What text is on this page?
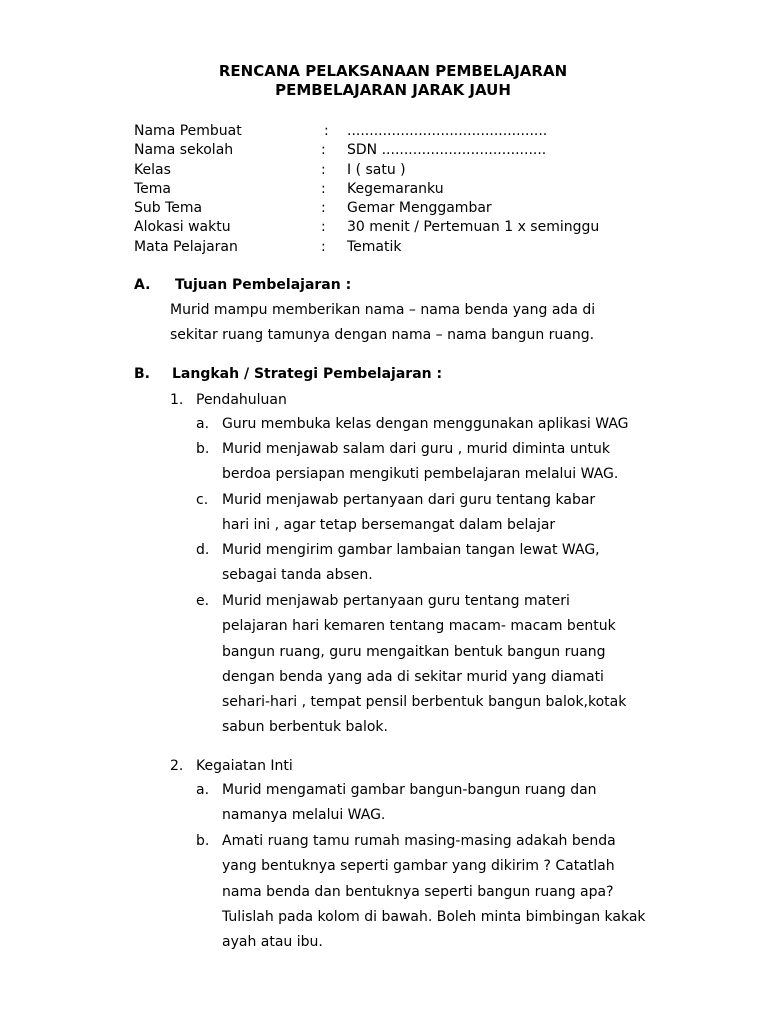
RENCANA PELAKSANAAN PEMBELAJARAN
PEMBELAJARAN JARAK JAUH
Nama Pembuat	: .............................................
Nama sekolah	: SDN .....................................
Kelas	: I ( satu )
Tema	: Kegemaranku
Sub Tema	: Gemar Menggambar
Alokasi waktu	: 30 menit / Pertemuan 1 x seminggu
Mata Pelajaran	: Tematik
A. Tujuan Pembelajaran :
Murid mampu memberikan nama – nama benda yang ada di
sekitar ruang tamunya dengan nama – nama bangun ruang.
B. Langkah / Strategi Pembelajaran :
1. Pendahuluan
a. Guru membuka kelas dengan menggunakan aplikasi WAG
b. Murid menjawab salam dari guru , murid diminta untuk
berdoa persiapan mengikuti pembelajaran melalui WAG.
c. Murid menjawab pertanyaan dari guru tentang kabar
hari ini , agar tetap bersemangat dalam belajar
d. Murid mengirim gambar lambaian tangan lewat WAG,
sebagai tanda absen.
e. Murid menjawab pertanyaan guru tentang materi
pelajaran hari kemaren tentang macam- macam bentuk
bangun ruang, guru mengaitkan bentuk bangun ruang
dengan benda yang ada di sekitar murid yang diamati
sehari-hari , tempat pensil berbentuk bangun balok,kotak
sabun berbentuk balok.
2. Kegaiatan Inti
a. Murid mengamati gambar bangun-bangun ruang dan
namanya melalui WAG.
b. Amati ruang tamu rumah masing-masing adakah benda
yang bentuknya seperti gambar yang dikirim ? Catatlah
nama benda dan bentuknya seperti bangun ruang apa?
Tulislah pada kolom di bawah. Boleh minta bimbingan kakak
ayah atau ibu.
